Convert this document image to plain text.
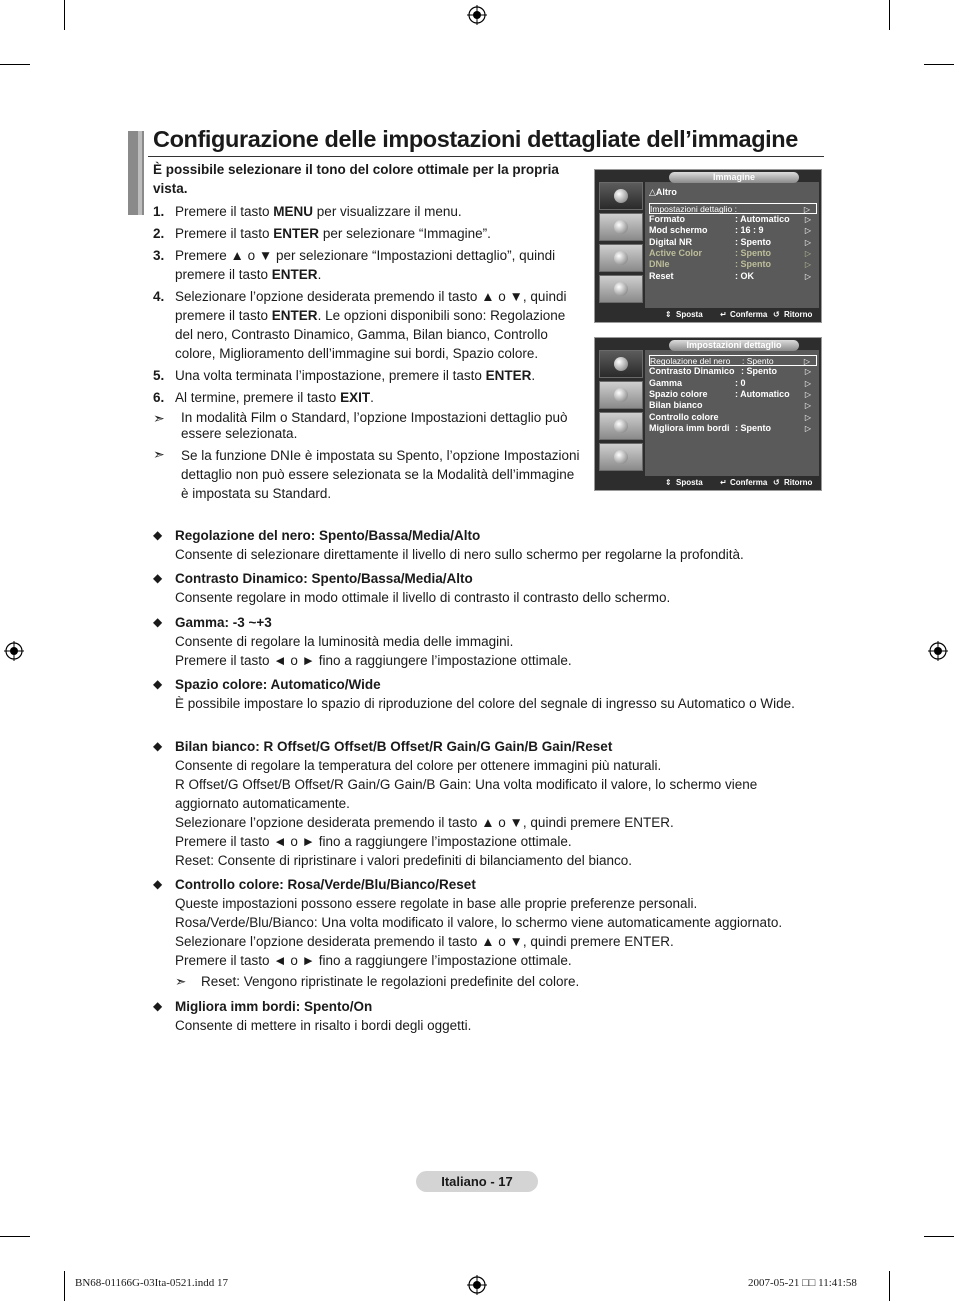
Configurazione delle impostazioni dettagliate dell’immagine
È possibile selezionare il tono del colore ottimale per la propria vista.
1. Premere il tasto MENU per visualizzare il menu.
2. Premere il tasto ENTER per selezionare “Immagine”.
3. Premere ▲ o ▼ per selezionare “Impostazioni dettaglio”, quindi premere il tasto ENTER.
4. Selezionare l’opzione desiderata premendo il tasto ▲ o ▼, quindi premere il tasto ENTER. Le opzioni disponibili sono: Regolazione del nero, Contrasto Dinamico, Gamma, Bilan bianco, Controllo colore, Miglioramento dell’immagine sui bordi, Spazio colore.
5. Una volta terminata l’impostazione, premere il tasto ENTER.
6. Al termine, premere il tasto EXIT.
➣	In modalità Film o Standard, l’opzione Impostazioni dettaglio può essere selezionata.
➣	Se la funzione DNIe è impostata su Spento, l’opzione Impostazioni dettaglio non può essere selezionata se la Modalità dell’immagine è impostata su Standard.
Immagine
△Altro
Impostazioni dettaglio :	▷
Formato	: Automatico ▷
Mod schermo	: 16 : 9	▷
Digital NR	: Spento	▷
Active Color	: Spento	▷
DNIe	: Spento	▷
Reset	: OK	▷
⇕ Sposta ↵ Conferma ↺ Ritorno
Impostazioni dettaglio
Regolazione del nero : Spento	▷
Contrasto Dinamico : Spento	▷
Gamma	: 0	▷
Spazio colore	: Automatico ▷
Bilan bianco	▷
Controllo colore	▷
Migliora imm bordi : Spento	▷
⇕ Sposta ↵ Conferma ↺ Ritorno
◆ Regolazione del nero: Spento/Bassa/Media/Alto
Consente di selezionare direttamente il livello di nero sullo schermo per regolarne la profondità.
◆ Contrasto Dinamico: Spento/Bassa/Media/Alto
Consente regolare in modo ottimale il livello di contrasto il contrasto dello schermo.
◆ Gamma: -3 ~+3
Consente di regolare la luminosità media delle immagini.
Premere il tasto ◄ o ► fino a raggiungere l’impostazione ottimale.
◆ Spazio colore: Automatico/Wide
È possibile impostare lo spazio di riproduzione del colore del segnale di ingresso su Automatico o Wide.
◆ Bilan bianco: R Offset/G Offset/B Offset/R Gain/G Gain/B Gain/Reset
Consente di regolare la temperatura del colore per ottenere immagini più naturali.
R Offset/G Offset/B Offset/R Gain/G Gain/B Gain: Una volta modificato il valore, lo schermo viene aggiornato automaticamente.
Selezionare l’opzione desiderata premendo il tasto ▲ o ▼, quindi premere ENTER.
Premere il tasto ◄ o ► fino a raggiungere l’impostazione ottimale.
Reset: Consente di ripristinare i valori predefiniti di bilanciamento del bianco.
◆ Controllo colore: Rosa/Verde/Blu/Bianco/Reset
Queste impostazioni possono essere regolate in base alle proprie preferenze personali.
Rosa/Verde/Blu/Bianco: Una volta modificato il valore, lo schermo viene automaticamente aggiornato.
Selezionare l’opzione desiderata premendo il tasto ▲ o ▼, quindi premere ENTER.
Premere il tasto ◄ o ► fino a raggiungere l’impostazione ottimale.
➣	Reset: Vengono ripristinate le regolazioni predefinite del colore.
◆ Migliora imm bordi: Spento/On
Consente di mettere in risalto i bordi degli oggetti.
Italiano - 17
BN68-01166G-03Ita-0521.indd 17	2007-05-21 □□ 11:41:58
